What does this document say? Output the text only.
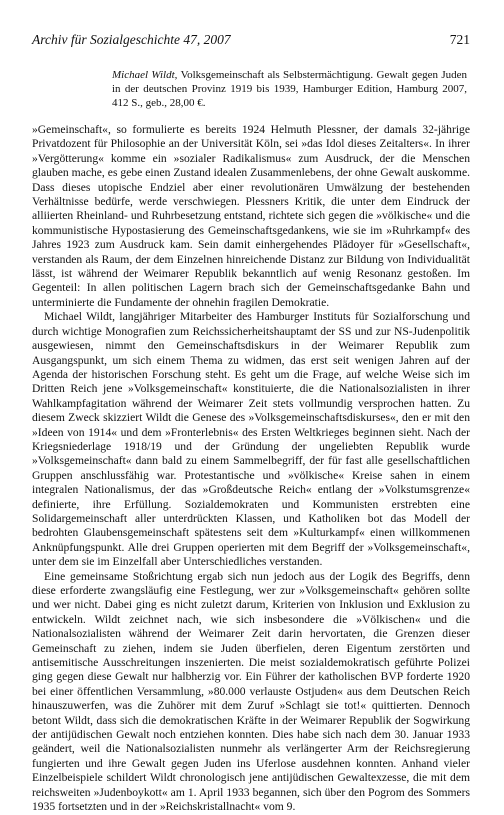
Archiv für Sozialgeschichte 47, 2007	721

Michael Wildt, Volksgemeinschaft als Selbstermächtigung. Gewalt gegen Juden in der deutschen Provinz 1919 bis 1939, Hamburger Edition, Hamburg 2007, 412 S., geb., 28,00 €.

»Gemeinschaft«, so formulierte es bereits 1924 Helmuth Plessner, der damals 32-jährige Privatdozent für Philosophie an der Universität Köln, sei »das Idol dieses Zeitalters«. In ihrer »Vergötterung« komme ein »sozialer Radikalismus« zum Ausdruck, der die Menschen glauben mache, es gebe einen Zustand idealen Zusammenlebens, der ohne Gewalt auskomme. Dass dieses utopische Endziel aber einer revolutionären Umwälzung der bestehenden Verhältnisse bedürfe, werde verschwiegen. Plessners Kritik, die unter dem Eindruck der alliierten Rheinland- und Ruhrbesetzung entstand, richtete sich gegen die »völkische« und die kommunistische Hypostasierung des Gemeinschaftsgedankens, wie sie im »Ruhrkampf« des Jahres 1923 zum Ausdruck kam. Sein damit einhergehendes Plädoyer für »Gesellschaft«, verstanden als Raum, der dem Einzelnen hinreichende Distanz zur Bildung von Individualität lässt, ist während der Weimarer Republik bekanntlich auf wenig Resonanz gestoßen. Im Gegenteil: In allen politischen Lagern brach sich der Gemeinschaftsgedanke Bahn und unterminierte die Fundamente der ohnehin fragilen Demokratie.

Michael Wildt, langjähriger Mitarbeiter des Hamburger Instituts für Sozialforschung und durch wichtige Monografien zum Reichssicherheitshauptamt der SS und zur NS-Judenpolitik ausgewiesen, nimmt den Gemeinschaftsdiskurs in der Weimarer Republik zum Ausgangspunkt, um sich einem Thema zu widmen, das erst seit wenigen Jahren auf der Agenda der historischen Forschung steht. Es geht um die Frage, auf welche Weise sich im Dritten Reich jene »Volksgemeinschaft« konstituierte, die die Nationalsozialisten in ihrer Wahlkampfagitation während der Weimarer Zeit stets vollmundig versprochen hatten. Zu diesem Zweck skizziert Wildt die Genese des »Volksgemeinschaftsdiskurses«, den er mit den »Ideen von 1914« und dem »Fronterlebnis« des Ersten Weltkrieges beginnen sieht. Nach der Kriegsniederlage 1918/19 und der Gründung der ungeliebten Republik wurde »Volksgemeinschaft« dann bald zu einem Sammelbegriff, der für fast alle gesellschaftlichen Gruppen anschlussfähig war. Protestantische und »völkische« Kreise sahen in einem integralen Nationalismus, der das »Großdeutsche Reich« entlang der »Volkstumsgrenze« definierte, ihre Erfüllung. Sozialdemokraten und Kommunisten erstrebten eine Solidargemeinschaft aller unterdrückten Klassen, und Katholiken bot das Modell der bedrohten Glaubensgemeinschaft spätestens seit dem »Kulturkampf« einen willkommenen Anknüpfungspunkt. Alle drei Gruppen operierten mit dem Begriff der »Volksgemeinschaft«, unter dem sie im Einzelfall aber Unterschiedliches verstanden.

Eine gemeinsame Stoßrichtung ergab sich nun jedoch aus der Logik des Begriffs, denn diese erforderte zwangsläufig eine Festlegung, wer zur »Volksgemeinschaft« gehören sollte und wer nicht. Dabei ging es nicht zuletzt darum, Kriterien von Inklusion und Exklusion zu entwickeln. Wildt zeichnet nach, wie sich insbesondere die »Völkischen« und die Nationalsozialisten während der Weimarer Zeit darin hervortaten, die Grenzen dieser Gemeinschaft zu ziehen, indem sie Juden überfielen, deren Eigentum zerstörten und antisemitische Ausschreitungen inszenierten. Die meist sozialdemokratisch geführte Polizei ging gegen diese Gewalt nur halbherzig vor. Ein Führer der katholischen BVP forderte 1920 bei einer öffentlichen Versammlung, »80.000 verlauste Ostjuden« aus dem Deutschen Reich hinauszuwerfen, was die Zuhörer mit dem Zuruf »Schlagt sie tot!« quittierten. Dennoch betont Wildt, dass sich die demokratischen Kräfte in der Weimarer Republik der Sogwirkung der antijüdischen Gewalt noch entziehen konnten. Dies habe sich nach dem 30. Januar 1933 geändert, weil die Nationalsozialisten nunmehr als verlängerter Arm der Reichsregierung fungierten und ihre Gewalt gegen Juden ins Uferlose ausdehnen konnten. Anhand vieler Einzelbeispiele schildert Wildt chronologisch jene antijüdischen Gewaltexzesse, die mit dem reichsweiten »Judenboykott« am 1. April 1933 begannen, sich über den Pogrom des Sommers 1935 fortsetzten und in der »Reichskristallnacht« vom 9.
